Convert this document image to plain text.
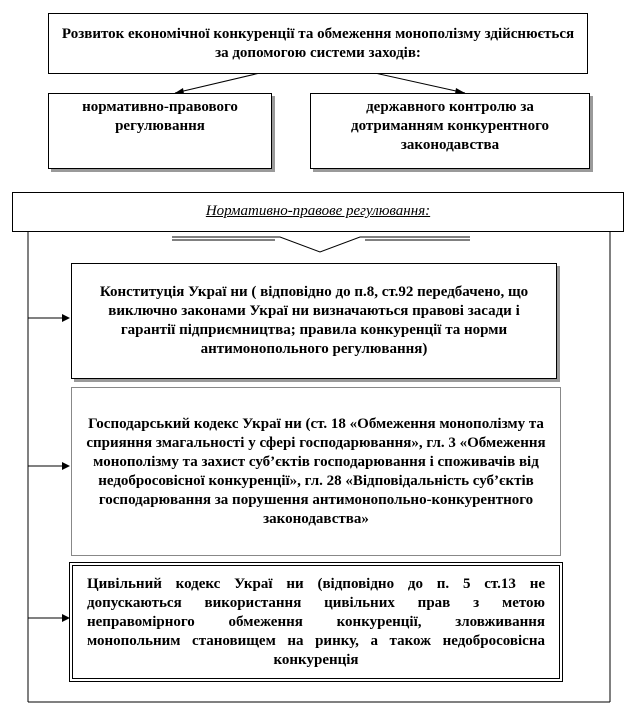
Розвиток економічної конкуренції та обмеження монополізму здійснюється за допомогою системи заходів:
нормативно-правового регулювання
державного контролю за дотриманням конкурентного законодавства
Нормативно-правове регулювання:
Конституція Украї ни ( відповідно до п.8, ст.92 передбачено, що виключно законами Украї ни визначаються правові засади і гарантії підприємництва; правила конкуренції та норми антимонопольного регулювання)
Господарський кодекс Украї ни (ст. 18 «Обмеження монополізму та сприяння змагальності у сфері господарювання», гл. 3 «Обмеження монополізму та захист суб’єктів господарювання і споживачів від недобросовісної конкуренції», гл. 28 «Відповідальність суб’єктів господарювання за порушення антимонопольно-конкурентного законодавства»
Цивільний кодекс Украї ни (відповідно до п. 5 ст.13 не допускаються використання цивільних прав з метою неправомірного обмеження конкуренції, зловживання монопольним становищем на ринку, а також недобросовісна конкуренція
